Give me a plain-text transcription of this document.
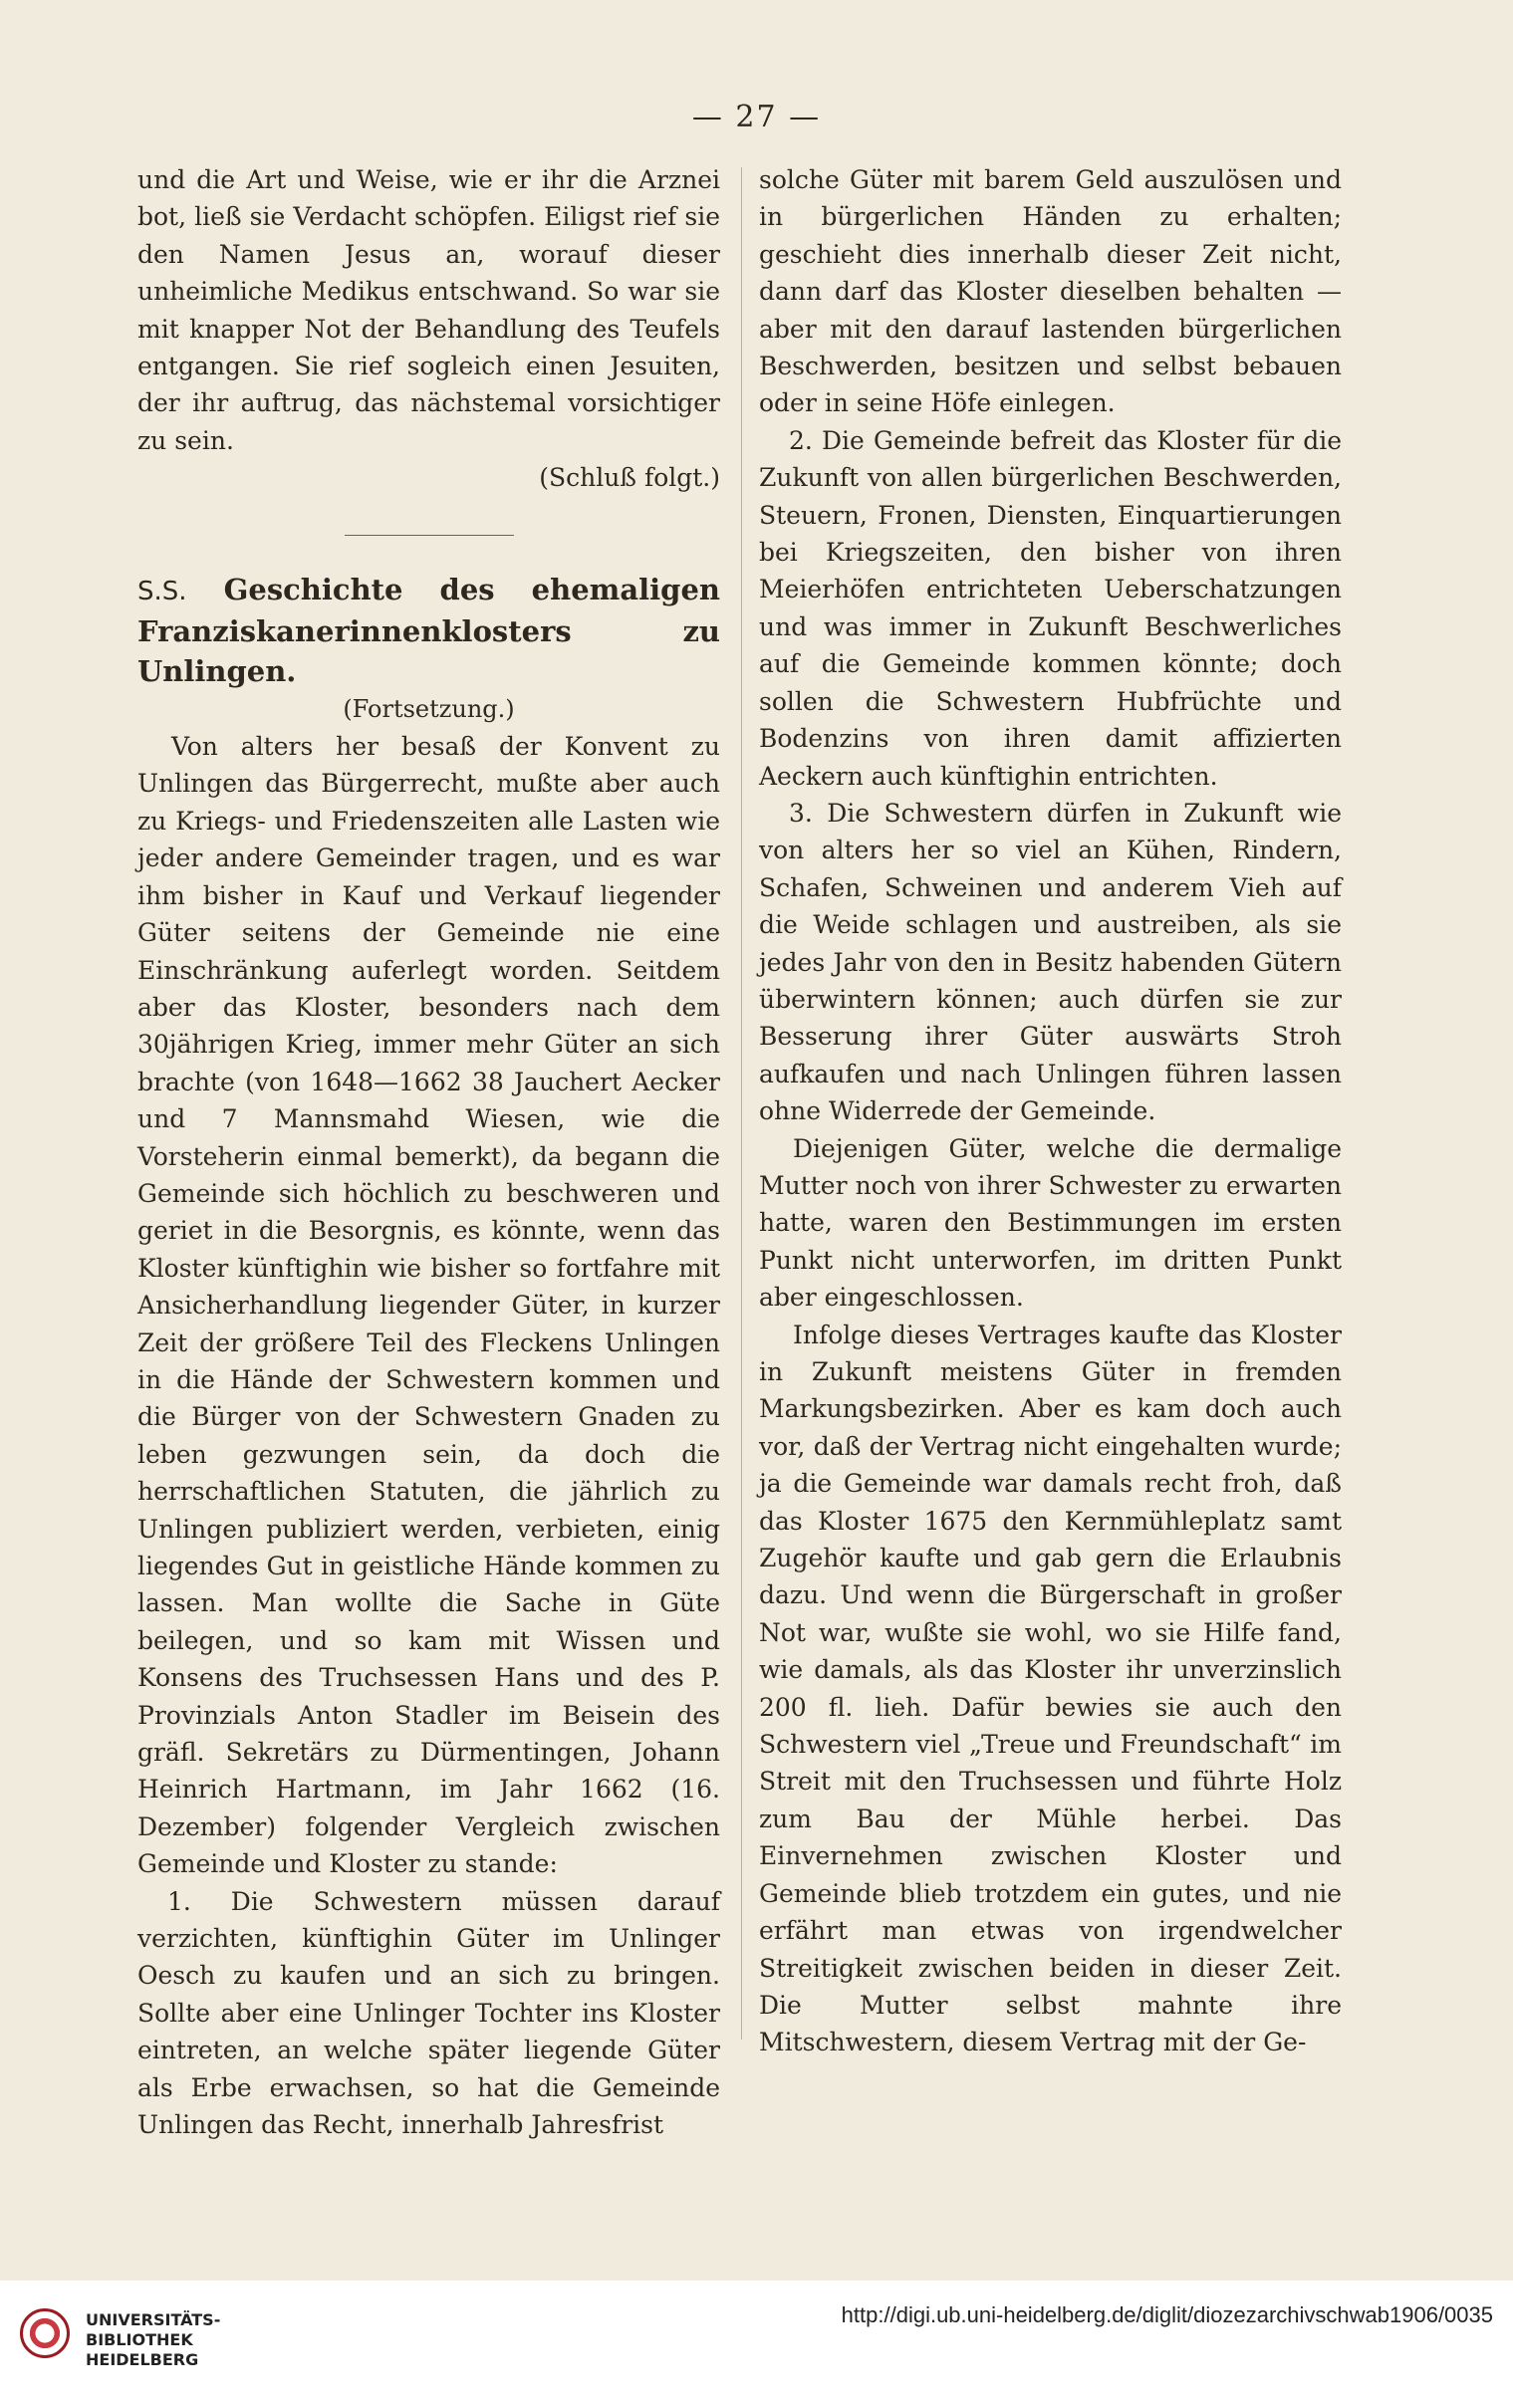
— 27 —

und die Art und Weise, wie er ihr die Arznei bot, ließ sie Verdacht schöpfen. Eiligst rief sie den Namen Jesus an, worauf dieser unheimliche Medikus entschwand. So war sie mit knapper Not der Behandlung des Teufels entgangen. Sie rief sogleich einen Jesuiten, der ihr auftrug, das nächstemal vorsichtiger zu sein.

(Schluß folgt.)

S.S. Geschichte des ehemaligen Franziskanerinnenklosters zu Unlingen.

(Fortsetzung.)

Von alters her besaß der Konvent zu Unlingen das Bürgerrecht, mußte aber auch zu Kriegs- und Friedenszeiten alle Lasten wie jeder andere Gemeinder tragen, und es war ihm bisher in Kauf und Verkauf liegender Güter seitens der Gemeinde nie eine Einschränkung auferlegt worden. Seitdem aber das Kloster, besonders nach dem 30jährigen Krieg, immer mehr Güter an sich brachte (von 1648—1662 38 Jauchert Aecker und 7 Mannsmahd Wiesen, wie die Vorsteherin einmal bemerkt), da begann die Gemeinde sich höchlich zu beschweren und geriet in die Besorgnis, es könnte, wenn das Kloster künftighin wie bisher so fortfahre mit Ansicherhandlung liegender Güter, in kurzer Zeit der größere Teil des Fleckens Unlingen in die Hände der Schwestern kommen und die Bürger von der Schwestern Gnaden zu leben gezwungen sein, da doch die herrschaftlichen Statuten, die jährlich zu Unlingen publiziert werden, verbieten, einig liegendes Gut in geistliche Hände kommen zu lassen. Man wollte die Sache in Güte beilegen, und so kam mit Wissen und Konsens des Truchsessen Hans und des P. Provinzials Anton Stadler im Beisein des gräfl. Sekretärs zu Dürmentingen, Johann Heinrich Hartmann, im Jahr 1662 (16. Dezember) folgender Vergleich zwischen Gemeinde und Kloster zu stande:

1. Die Schwestern müssen darauf verzichten, künftighin Güter im Unlinger Oesch zu kaufen und an sich zu bringen. Sollte aber eine Unlinger Tochter ins Kloster eintreten, an welche später liegende Güter als Erbe erwachsen, so hat die Gemeinde Unlingen das Recht, innerhalb Jahresfrist

solche Güter mit barem Geld auszulösen und in bürgerlichen Händen zu erhalten; geschieht dies innerhalb dieser Zeit nicht, dann darf das Kloster dieselben behalten — aber mit den darauf lastenden bürgerlichen Beschwerden, besitzen und selbst bebauen oder in seine Höfe einlegen.

2. Die Gemeinde befreit das Kloster für die Zukunft von allen bürgerlichen Beschwerden, Steuern, Fronen, Diensten, Einquartierungen bei Kriegszeiten, den bisher von ihren Meierhöfen entrichteten Ueberschatzungen und was immer in Zukunft Beschwerliches auf die Gemeinde kommen könnte; doch sollen die Schwestern Hubfrüchte und Bodenzins von ihren damit affizierten Aeckern auch künftighin entrichten.

3. Die Schwestern dürfen in Zukunft wie von alters her so viel an Kühen, Rindern, Schafen, Schweinen und anderem Vieh auf die Weide schlagen und austreiben, als sie jedes Jahr von den in Besitz habenden Gütern überwintern können; auch dürfen sie zur Besserung ihrer Güter auswärts Stroh aufkaufen und nach Unlingen führen lassen ohne Widerrede der Gemeinde.

Diejenigen Güter, welche die dermalige Mutter noch von ihrer Schwester zu erwarten hatte, waren den Bestimmungen im ersten Punkt nicht unterworfen, im dritten Punkt aber eingeschlossen.

Infolge dieses Vertrages kaufte das Kloster in Zukunft meistens Güter in fremden Markungsbezirken. Aber es kam doch auch vor, daß der Vertrag nicht eingehalten wurde; ja die Gemeinde war damals recht froh, daß das Kloster 1675 den Kernmühleplatz samt Zugehör kaufte und gab gern die Erlaubnis dazu. Und wenn die Bürgerschaft in großer Not war, wußte sie wohl, wo sie Hilfe fand, wie damals, als das Kloster ihr unverzinslich 200 fl. lieh. Dafür bewies sie auch den Schwestern viel „Treue und Freundschaft“ im Streit mit den Truchsessen und führte Holz zum Bau der Mühle herbei. Das Einvernehmen zwischen Kloster und Gemeinde blieb trotzdem ein gutes, und nie erfährt man etwas von irgendwelcher Streitigkeit zwischen beiden in dieser Zeit. Die Mutter selbst mahnte ihre Mitschwestern, diesem Vertrag mit der Ge-

UNIVERSITÄTS-
BIBLIOTHEK
HEIDELBERG
http://digi.ub.uni-heidelberg.de/diglit/diozezarchivschwab1906/0035
